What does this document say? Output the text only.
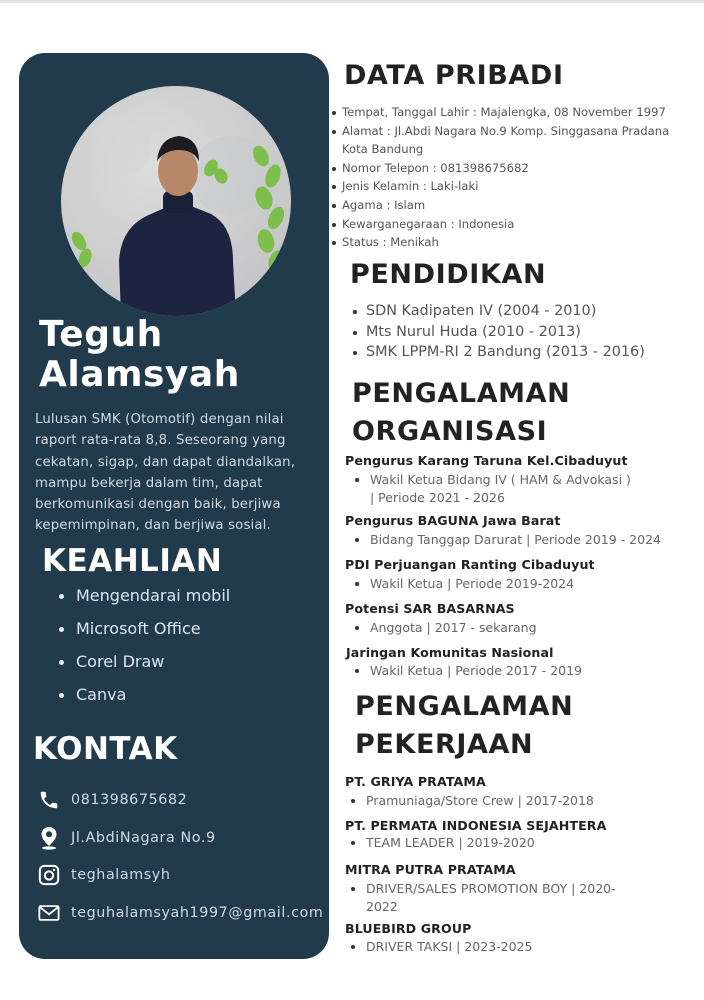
Teguh
Alamsyah

Lulusan SMK (Otomotif) dengan nilai raport rata-rata 8,8. Seseorang yang cekatan, sigap, dan dapat diandalkan, mampu bekerja dalam tim, dapat berkomunikasi dengan baik, berjiwa kepemimpinan, dan berjiwa sosial.

KEAHLIAN
Mengendarai mobil
Microsoft Office
Corel Draw
Canva
KONTAK
081398675682
Jl.AbdiNagara No.9
teghalamsyh
teguhalamsyah1997@gmail.com
DATA PRIBADI
Tempat, Tanggal Lahir : Majalengka, 08 November 1997
Alamat : Jl.Abdi Nagara No.9 Komp. Singgasana Pradana
Kota Bandung
Nomor Telepon : 081398675682
Jenis Kelamin : Laki-laki
Agama : Islam
Kewarganegaraan : Indonesia
Status : Menikah
PENDIDIKAN
SDN Kadipaten IV (2004 - 2010)
Mts Nurul Huda (2010 - 2013)
SMK LPPM-RI 2 Bandung (2013 - 2016)
PENGALAMAN
ORGANISASI
Pengurus Karang Taruna Kel.Cibaduyut
Wakil Ketua Bidang IV ( HAM & Advokasi )
| Periode 2021 - 2026
Pengurus BAGUNA Jawa Barat
Bidang Tanggap Darurat | Periode 2019 - 2024
PDI Perjuangan Ranting Cibaduyut
Wakil Ketua | Periode 2019-2024
Potensi SAR BASARNAS
Anggota | 2017 - sekarang
Jaringan Komunitas Nasional
Wakil Ketua | Periode 2017 - 2019
PENGALAMAN
PEKERJAAN
PT. GRIYA PRATAMA
Pramuniaga/Store Crew | 2017-2018
PT. PERMATA INDONESIA SEJAHTERA
TEAM LEADER | 2019-2020
MITRA PUTRA PRATAMA
DRIVER/SALES PROMOTION BOY | 2020-
2022
BLUEBIRD GROUP
DRIVER TAKSI | 2023-2025
